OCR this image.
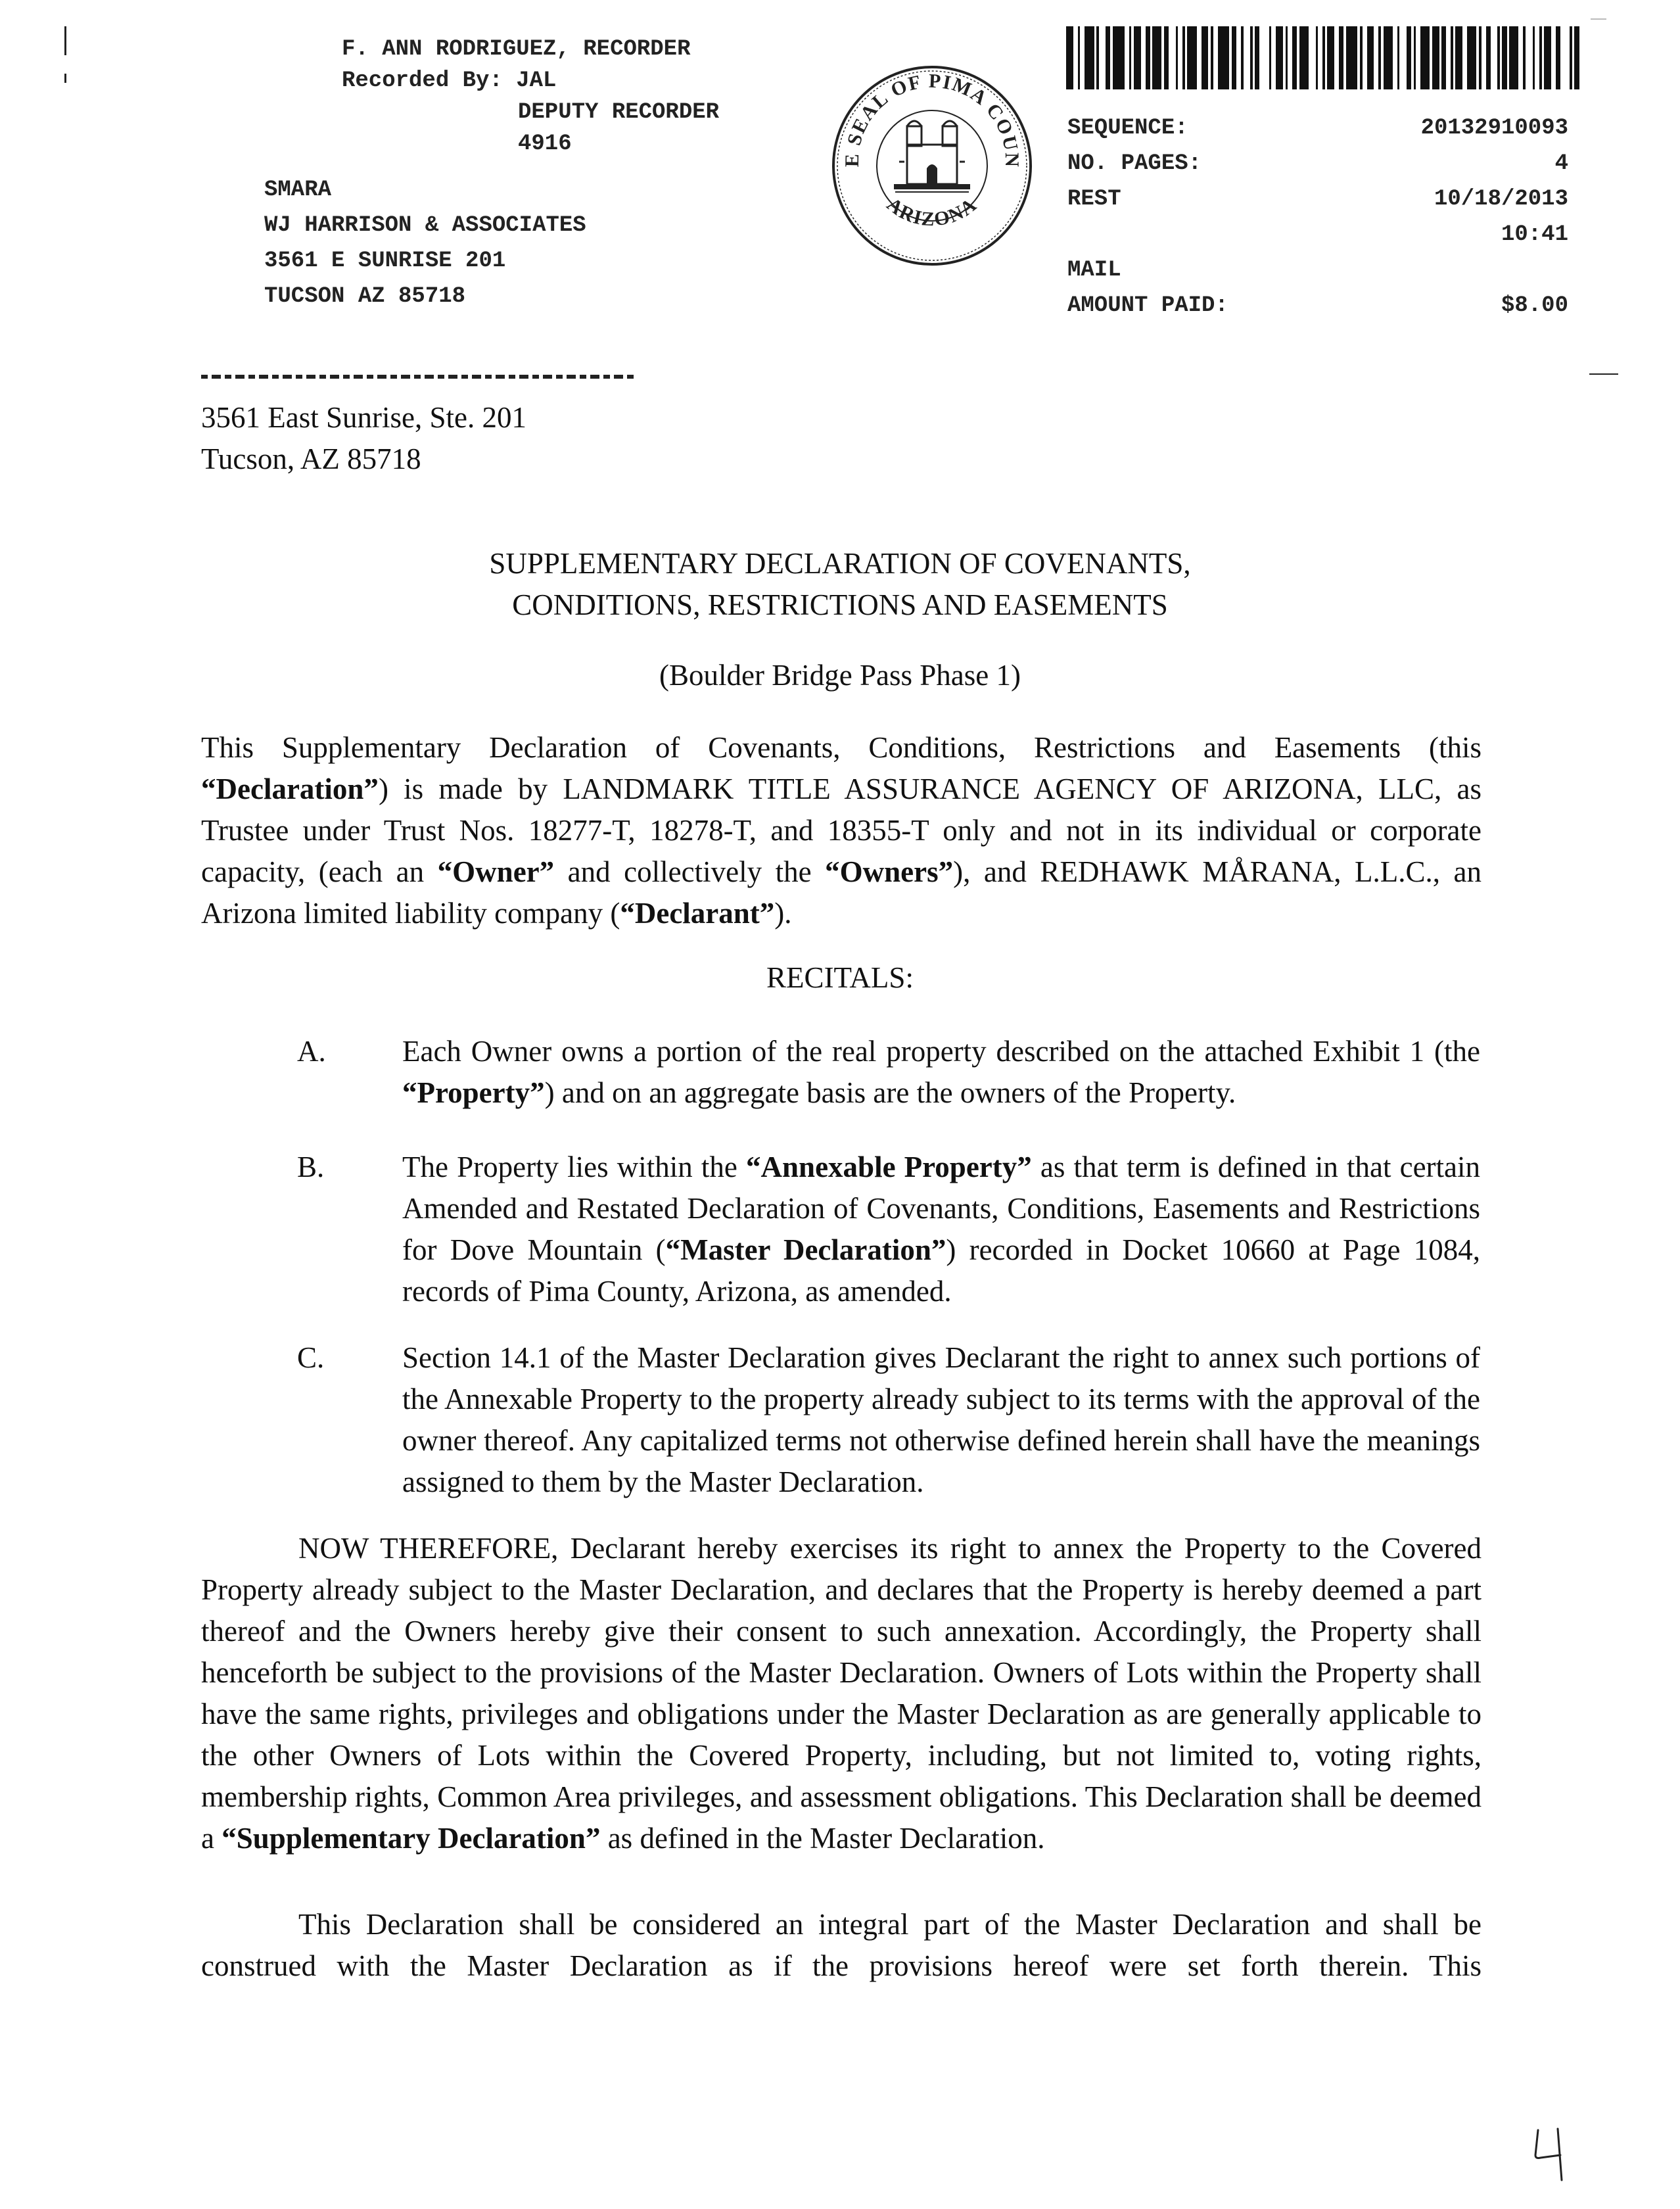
F. ANN RODRIGUEZ, RECORDER
Recorded By: JAL
DEPUTY RECORDER
4916
SMARA
WJ HARRISON & ASSOCIATES
3561 E SUNRISE 201
TUCSON AZ 85718
E SEAL OF PIMA COUN
ARIZONA
SEQUENCE:	20132910093
NO. PAGES:	4
REST	10/18/2013
10:41
MAIL
AMOUNT PAID:	$8.00
3561 East Sunrise, Ste. 201
Tucson, AZ 85718
SUPPLEMENTARY DECLARATION OF COVENANTS,
CONDITIONS, RESTRICTIONS AND EASEMENTS
(Boulder Bridge Pass Phase 1)
This Supplementary Declaration of Covenants, Conditions, Restrictions and Easements (this “Declaration”) is made by LANDMARK TITLE ASSURANCE AGENCY OF ARIZONA, LLC, as Trustee under Trust Nos. 18277-T, 18278-T, and 18355-T only and not in its individual or corporate capacity, (each an “Owner” and collectively the “Owners”), and REDHAWK MÅRANA, L.L.C., an Arizona limited liability company (“Declarant”).
RECITALS:
A.	Each Owner owns a portion of the real property described on the attached Exhibit 1 (the “Property”) and on an aggregate basis are the owners of the Property.
B.	The Property lies within the “Annexable Property” as that term is defined in that certain Amended and Restated Declaration of Covenants, Conditions, Easements and Restrictions for Dove Mountain (“Master Declaration”) recorded in Docket 10660 at Page 1084, records of Pima County, Arizona, as amended.
C.	Section 14.1 of the Master Declaration gives Declarant the right to annex such portions of the Annexable Property to the property already subject to its terms with the approval of the owner thereof. Any capitalized terms not otherwise defined herein shall have the meanings assigned to them by the Master Declaration.
NOW THEREFORE, Declarant hereby exercises its right to annex the Property to the Covered Property already subject to the Master Declaration, and declares that the Property is hereby deemed a part thereof and the Owners hereby give their consent to such annexation. Accordingly, the Property shall henceforth be subject to the provisions of the Master Declaration. Owners of Lots within the Property shall have the same rights, privileges and obligations under the Master Declaration as are generally applicable to the other Owners of Lots within the Covered Property, including, but not limited to, voting rights, membership rights, Common Area privileges, and assessment obligations. This Declaration shall be deemed a “Supplementary Declaration” as defined in the Master Declaration.
This Declaration shall be considered an integral part of the Master Declaration and shall be construed with the Master Declaration as if the provisions hereof were set forth therein. This
